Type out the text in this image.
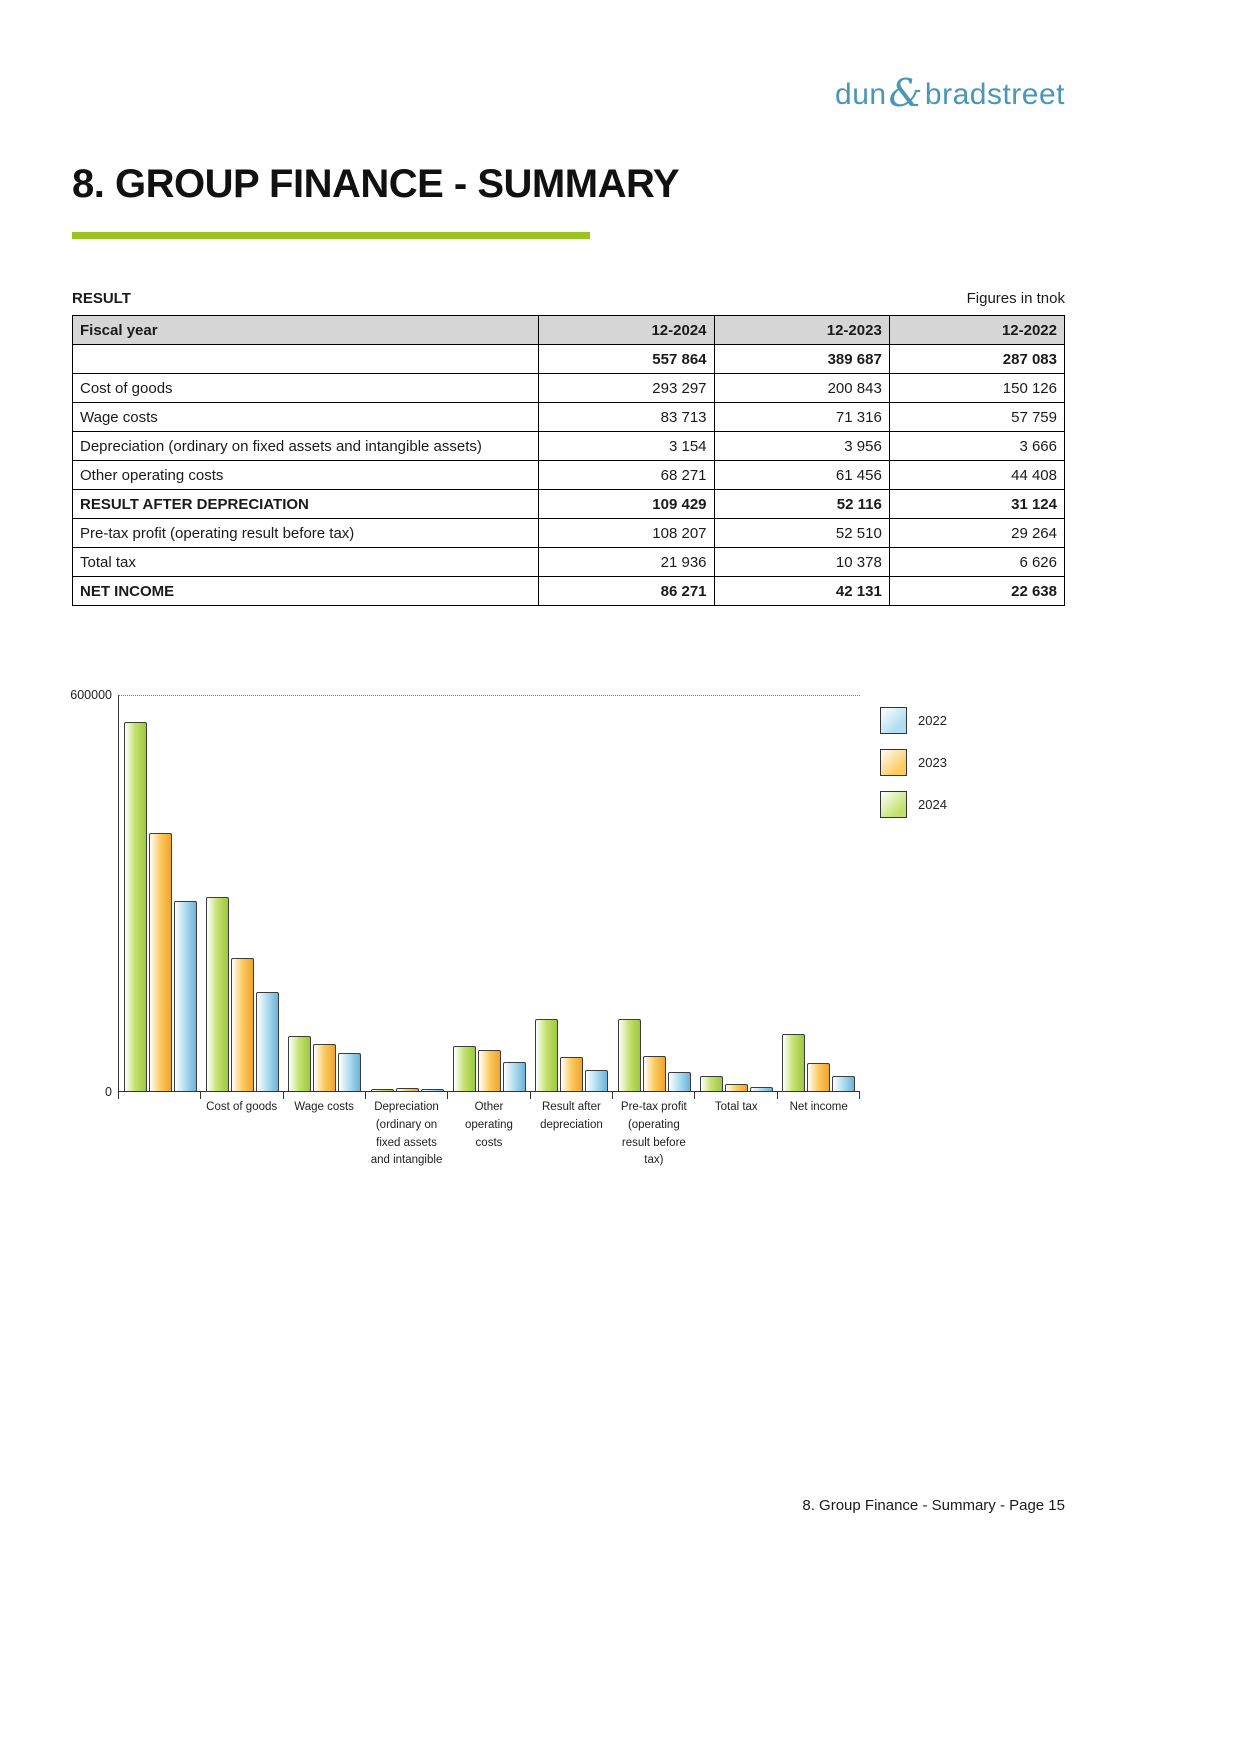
dun & bradstreet
8. GROUP FINANCE - SUMMARY
RESULT	Figures in tnok
Fiscal year	12-2024	12-2023	12-2022
	557 864	389 687	287 083
Cost of goods	293 297	200 843	150 126
Wage costs	83 713	71 316	57 759
Depreciation (ordinary on fixed assets and intangible assets)	3 154	3 956	3 666
Other operating costs	68 271	61 456	44 408
RESULT AFTER DEPRECIATION	109 429	52 116	31 124
Pre-tax profit (operating result before tax)	108 207	52 510	29 264
Total tax	21 936	10 378	6 626
NET INCOME	86 271	42 131	22 638
600000
0
Cost of goods	Wage costs	Depreciation
(ordinary on
fixed assets
and intangible
Other
operating
costs
Result after
depreciation
Pre-tax profit
(operating
result before
tax)
Total tax	Net income
2022
2023
2024
8. Group Finance - Summary - Page 15
